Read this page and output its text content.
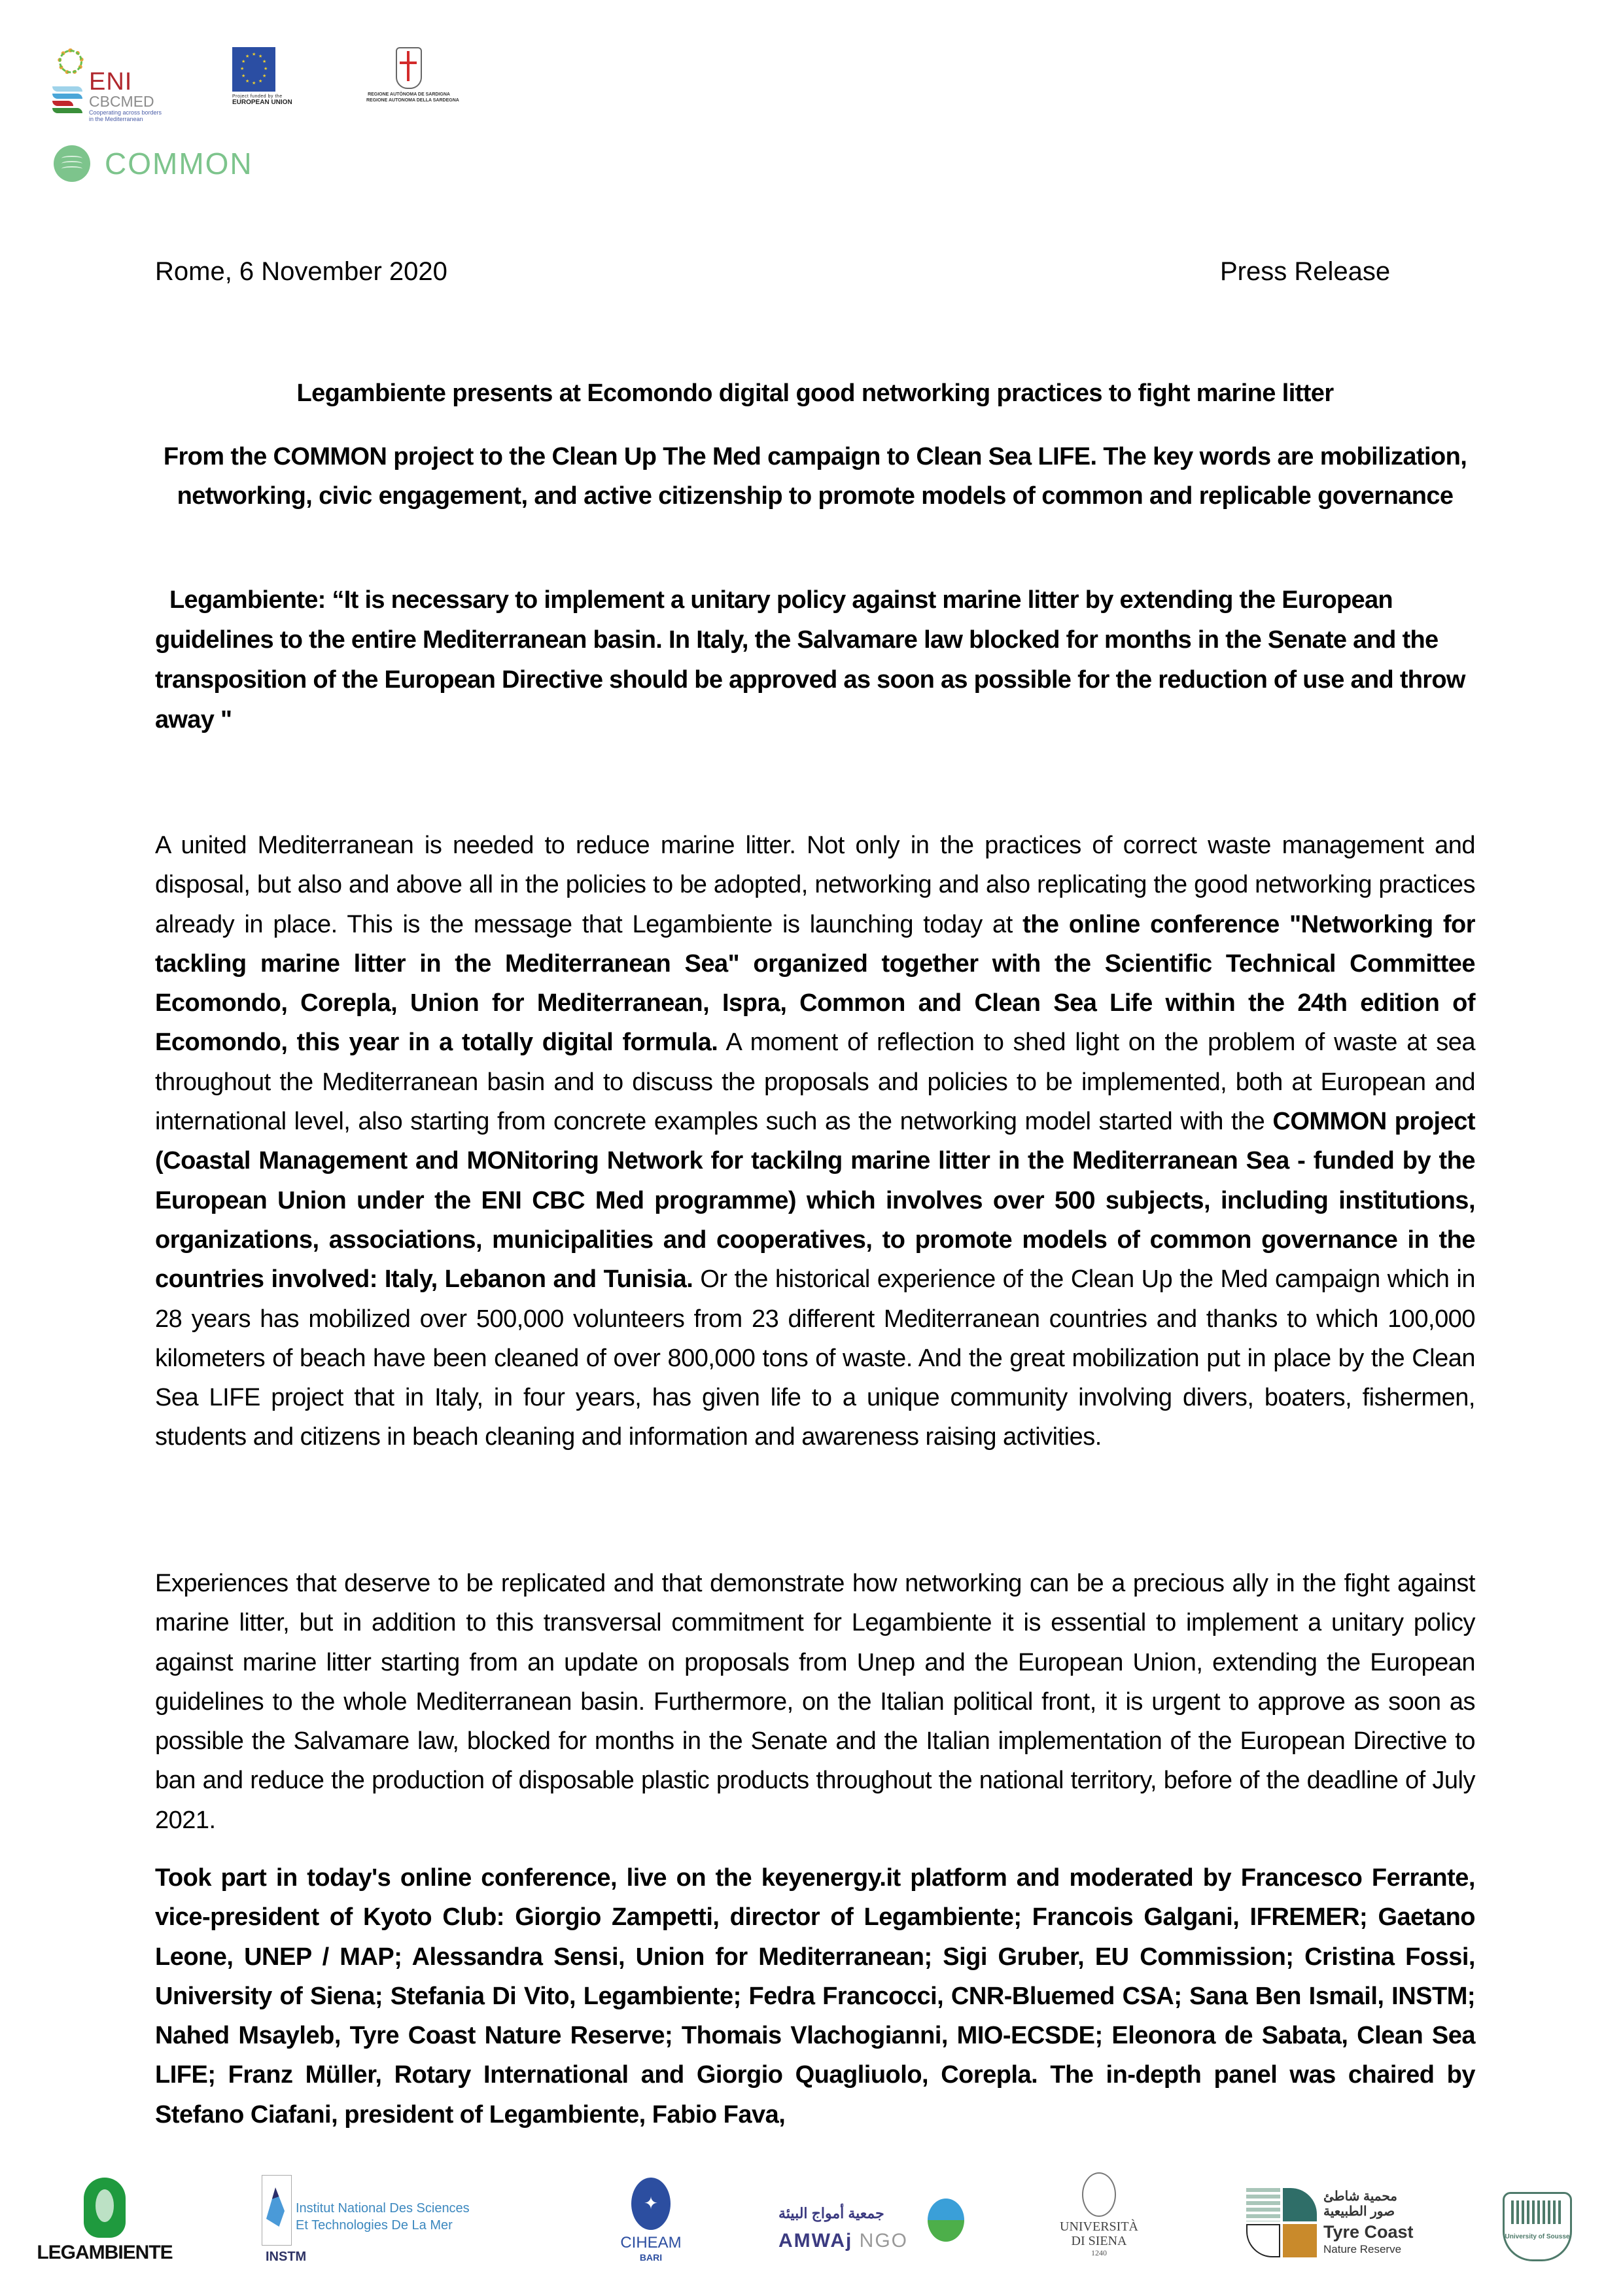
ENI
CBCMED
Cooperating across borders in the Mediterranean
★ ★
★
★
★
★
★
★
★
★
★
★
Project funded by the
EUROPEAN UNION
REGIONE AUTÒNOMA DE SARDIGNA
REGIONE AUTONOMA DELLA SARDEGNA
COMMON
Rome, 6 November 2020	Press Release
Legambiente presents at Ecomondo digital good networking practices to fight marine litter
From the COMMON project to the Clean Up The Med campaign to Clean Sea LIFE. The key words are mobilization, networking, civic engagement, and active citizenship to promote models of common and replicable governance
Legambiente: “It is necessary to implement a unitary policy against marine litter by extending the European guidelines to the entire Mediterranean basin. In Italy, the Salvamare law blocked for months in the Senate and the transposition of the European Directive should be approved as soon as possible for the reduction of use and throw away "
A united Mediterranean is needed to reduce marine litter. Not only in the practices of correct waste management and disposal, but also and above all in the policies to be adopted, networking and also replicating the good networking practices already in place. This is the message that Legambiente is launching today at the online conference "Networking for tackling marine litter in the Mediterranean Sea" organized together with the Scientific Technical Committee Ecomondo, Corepla, Union for Mediterranean, Ispra, Common and Clean Sea Life within the 24th edition of Ecomondo, this year in a totally digital formula. A moment of reflection to shed light on the problem of waste at sea throughout the Mediterranean basin and to discuss the proposals and policies to be implemented, both at European and international level, also starting from concrete examples such as the networking model started with the COMMON project (Coastal Management and MONitoring Network for tackilng marine litter in the Mediterranean Sea - funded by the European Union under the ENI CBC Med programme) which involves over 500 subjects, including institutions, organizations, associations, municipalities and cooperatives, to promote models of common governance in the countries involved: Italy, Lebanon and Tunisia. Or the historical experience of the Clean Up the Med campaign which in 28 years has mobilized over 500,000 volunteers from 23 different Mediterranean countries and thanks to which 100,000 kilometers of beach have been cleaned of over 800,000 tons of waste. And the great mobilization put in place by the Clean Sea LIFE project that in Italy, in four years, has given life to a unique community involving divers, boaters, fishermen, students and citizens in beach cleaning and information and awareness raising activities.
Experiences that deserve to be replicated and that demonstrate how networking can be a precious ally in the fight against marine litter, but in addition to this transversal commitment for Legambiente it is essential to implement a unitary policy against marine litter starting from an update on proposals from Unep and the European Union, extending the European guidelines to the whole Mediterranean basin. Furthermore, on the Italian political front, it is urgent to approve as soon as possible the Salvamare law, blocked for months in the Senate and the Italian implementation of the European Directive to ban and reduce the production of disposable plastic products throughout the national territory, before of the deadline of July 2021.
Took part in today's online conference, live on the keyenergy.it platform and moderated by Francesco Ferrante, vice-president of Kyoto Club: Giorgio Zampetti, director of Legambiente; Francois Galgani, IFREMER; Gaetano Leone, UNEP / MAP; Alessandra Sensi, Union for Mediterranean; Sigi Gruber, EU Commission; Cristina Fossi, University of Siena; Stefania Di Vito, Legambiente; Fedra Francocci, CNR-Bluemed CSA; Sana Ben Ismail, INSTM; Nahed Msayleb, Tyre Coast Nature Reserve; Thomais Vlachogianni, MIO-ECSDE; Eleonora de Sabata, Clean Sea LIFE; Franz Müller, Rotary International and Giorgio Quagliuolo, Corepla. The in-depth panel was chaired by Stefano Ciafani, president of Legambiente, Fabio Fava,
LEGAMBIENTE
Institut National Des Sciences
Et Technologies De La Mer
INSTM
✦
CIHEAM
BARI
جمعية أمواج البيئة
AMWAj NGO
UNIVERSITÀ
DI SIENA
1240
محمية شاطئ
صور الطبيعية
Tyre Coast
Nature Reserve
University of Sousse
